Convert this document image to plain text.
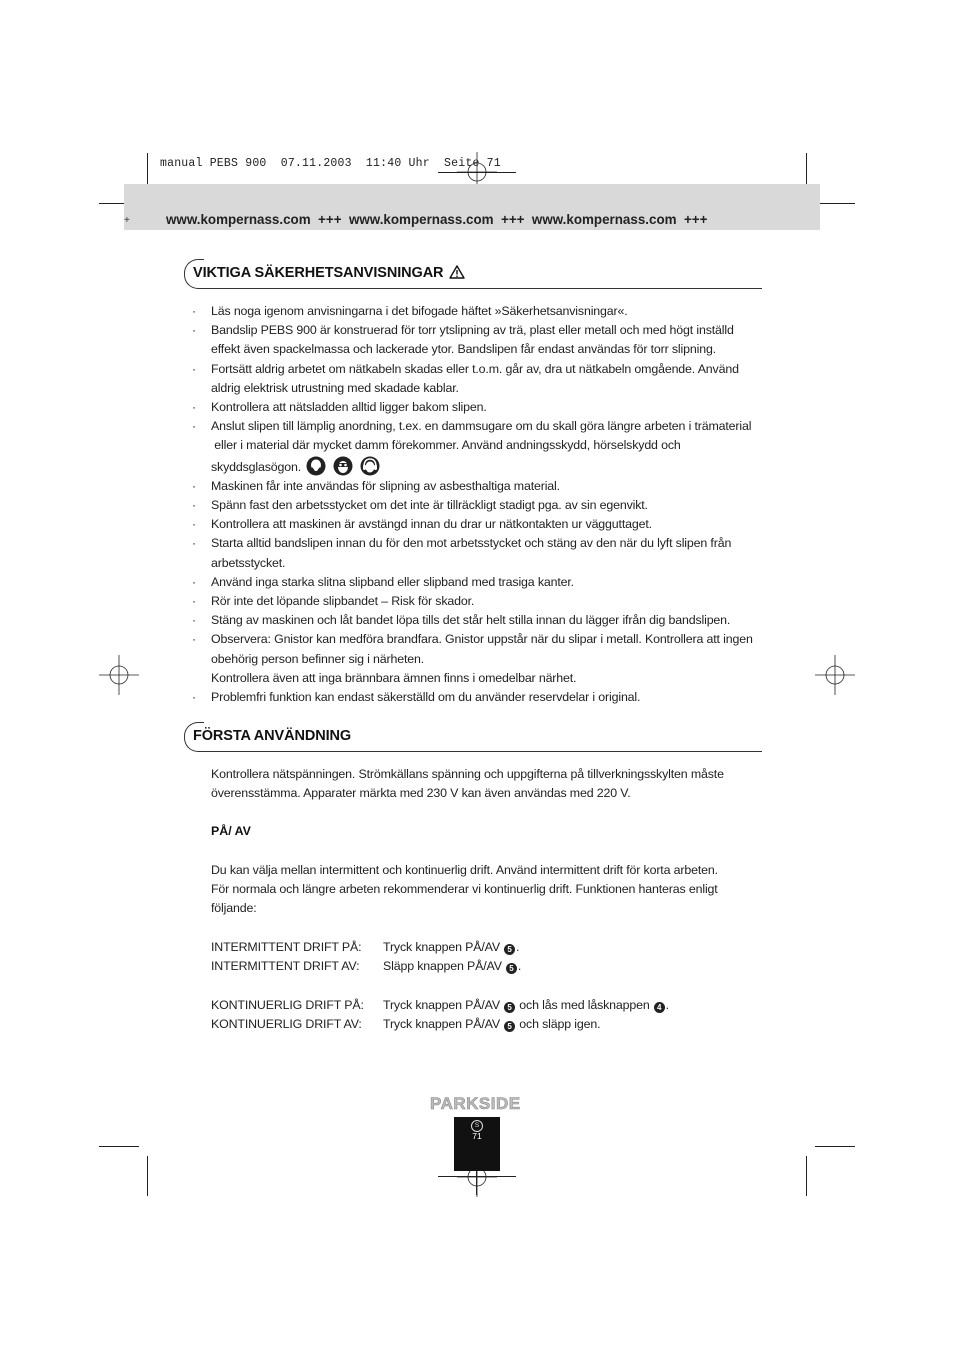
manual PEBS 900  07.11.2003  11:40 Uhr  Seite 71
+	www.kompernass.com  +++  www.kompernass.com  +++  www.kompernass.com  +++
VIKTIGA SÄKERHETSANVISNINGAR
· Läs noga igenom anvisningarna i det bifogade häftet »Säkerhetsanvisningar«.
· Bandslip PEBS 900 är konstruerad för torr ytslipning av trä, plast eller metall och med högt inställd
effekt även spackelmassa och lackerade ytor. Bandslipen får endast användas för torr slipning.
· Fortsätt aldrig arbetet om nätkabeln skadas eller t.o.m. går av, dra ut nätkabeln omgående. Använd
aldrig elektrisk utrustning med skadade kablar.
· Kontrollera att nätsladden alltid ligger bakom slipen.
· Anslut slipen till lämplig anordning, t.ex. en dammsugare om du skall göra längre arbeten i trämaterial
eller i material där mycket damm förekommer. Använd andningsskydd, hörselskydd och
skyddsglasögon.
· Maskinen får inte användas för slipning av asbesthaltiga material.
· Spänn fast den arbetsstycket om det inte är tillräckligt stadigt pga. av sin egenvikt.
· Kontrollera att maskinen är avstängd innan du drar ur nätkontakten ur vägguttaget.
· Starta alltid bandslipen innan du för den mot arbetsstycket och stäng av den när du lyft slipen från
arbetsstycket.
· Använd inga starka slitna slipband eller slipband med trasiga kanter.
· Rör inte det löpande slipbandet – Risk för skador.
· Stäng av maskinen och låt bandet löpa tills det står helt stilla innan du lägger ifrån dig bandslipen.
· Observera: Gnistor kan medföra brandfara. Gnistor uppstår när du slipar i metall. Kontrollera att ingen
obehörig person befinner sig i närheten.
Kontrollera även att inga brännbara ämnen finns i omedelbar närhet.
· Problemfri funktion kan endast säkerställd om du använder reservdelar i original.
FÖRSTA ANVÄNDNING
Kontrollera nätspänningen. Strömkällans spänning och uppgifterna på tillverkningsskylten måste
överensstämma. Apparater märkta med 230 V kan även användas med 220 V.
PÅ/ AV
Du kan välja mellan intermittent och kontinuerlig drift. Använd intermittent drift för korta arbeten.
För normala och längre arbeten rekommenderar vi kontinuerlig drift. Funktionen hanteras enligt
följande:
INTERMITTENT DRIFT PÅ:	Tryck knappen PÅ/AV 5 .
INTERMITTENT DRIFT AV:	Släpp knappen PÅ/AV 5 .
KONTINUERLIG DRIFT PÅ:	Tryck knappen PÅ/AV 5 och lås med låsknappen 4 .
KONTINUERLIG DRIFT AV:	Tryck knappen PÅ/AV 5 och släpp igen.
PARKSIDE
S
71
